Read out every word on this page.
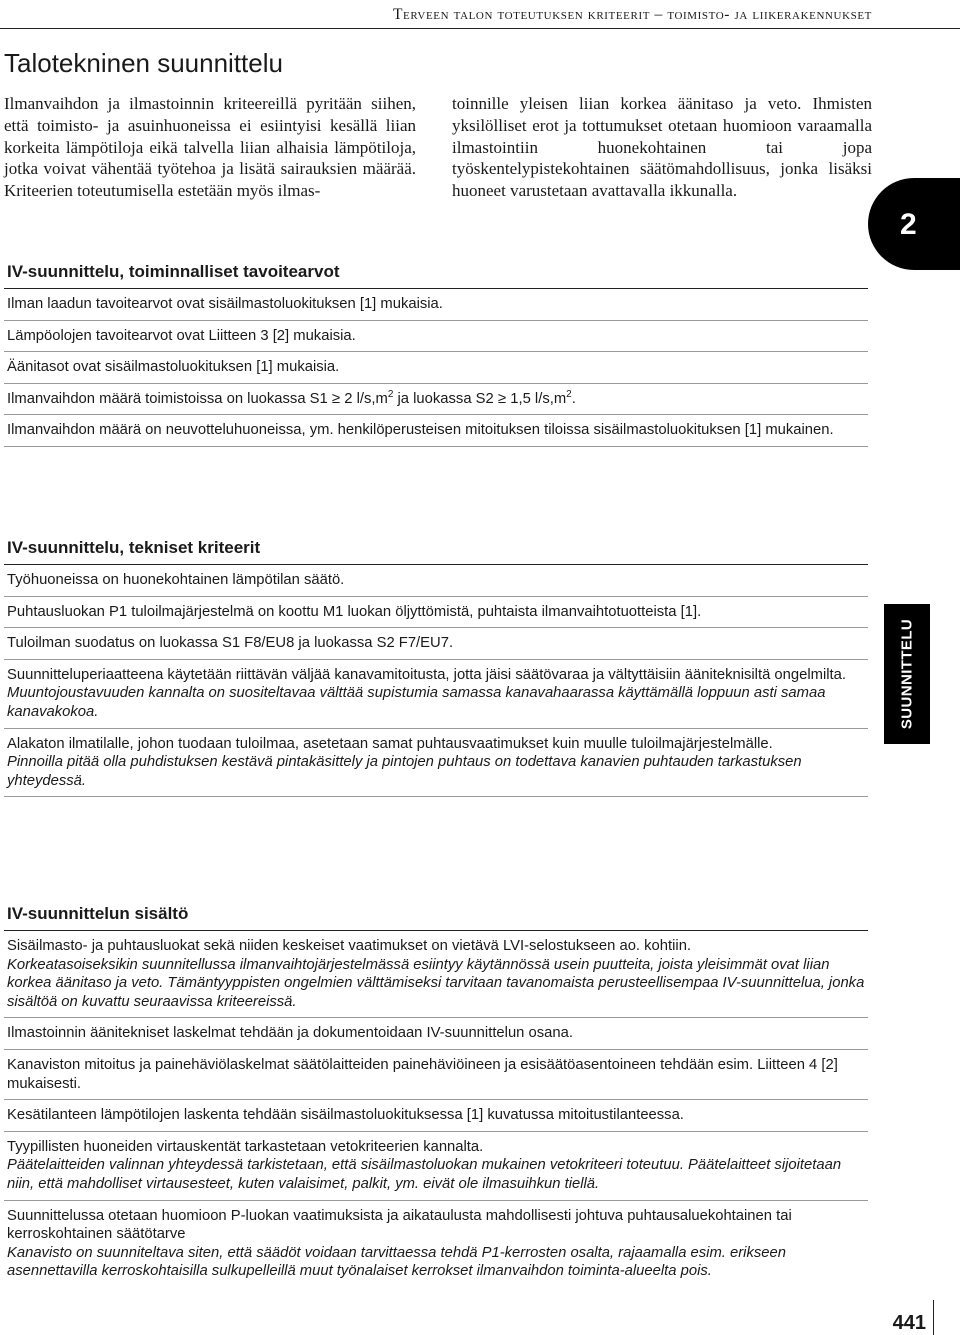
Terveen talon toteutuksen kriteerit – toimisto- ja liikerakennukset
Talotekninen suunnittelu

Ilmanvaihdon ja ilmastoinnin kriteereillä pyritään siihen, että toimisto- ja asuinhuoneissa ei esiintyisi kesällä liian korkeita lämpötiloja eikä talvella liian alhaisia lämpötiloja, jotka voivat vähentää työtehoa ja lisätä sairauksien määrää. Kriteerien toteutumisella estetään myös ilmas-

toinnille yleisen liian korkea äänitaso ja veto. Ihmisten yksilölliset erot ja tottumukset otetaan huomioon varaamalla ilmastointiin huonekohtainen tai jopa työskentelypistekohtainen säätömahdollisuus, jonka lisäksi huoneet varustetaan avattavalla ikkunalla.

2
SUUNNITTELU
IV-suunnittelu, toiminnalliset tavoitearvot
Ilman laadun tavoitearvot ovat sisäilmastoluokituksen [1] mukaisia.
Lämpöolojen tavoitearvot ovat Liitteen 3 [2] mukaisia.
Äänitasot ovat sisäilmastoluokituksen [1] mukaisia.
Ilmanvaihdon määrä toimistoissa on luokassa S1 ≥ 2 $l/s,m^2$ ja luokassa S2 ≥ 1,5 $l/s,m^2$.
Ilmanvaihdon määrä on neuvotteluhuoneissa, ym. henkilöperusteisen mitoituksen tiloissa sisäilmastoluokituksen [1] mukainen.
IV-suunnittelu, tekniset kriteerit
Työhuoneissa on huonekohtainen lämpötilan säätö.
Puhtausluokan P1 tuloilmajärjestelmä on koottu M1 luokan öljyttömistä, puhtaista ilmanvaihtotuotteista [1].
Tuloilman suodatus on luokassa S1 F8/EU8 ja luokassa S2 F7/EU7.
Suunnitteluperiaatteena käytetään riittävän väljää kanavamitoitusta, jotta jäisi säätövaraa ja vältyttäisiin ääniteknisiltä ongelmilta.
Muuntojoustavuuden kannalta on suositeltavaa välttää supistumia samassa kanavahaarassa käyttämällä loppuun asti samaa kanavakokoa.
Alakaton ilmatilalle, johon tuodaan tuloilmaa, asetetaan samat puhtausvaatimukset kuin muulle tuloilmajärjestelmälle.
Pinnoilla pitää olla puhdistuksen kestävä pintakäsittely ja pintojen puhtaus on todettava kanavien puhtauden tarkastuksen yhteydessä.
IV-suunnittelun sisältö
Sisäilmasto- ja puhtausluokat sekä niiden keskeiset vaatimukset on vietävä LVI-selostukseen ao. kohtiin.
Korkeatasoiseksikin suunnitellussa ilmanvaihtojärjestelmässä esiintyy käytännössä usein puutteita, joista yleisimmät ovat liian korkea äänitaso ja veto. Tämäntyyppisten ongelmien välttämiseksi tarvitaan tavanomaista perusteellisempaa IV-suunnittelua, jonka sisältöä on kuvattu seuraavissa kriteereissä.
Ilmastoinnin äänitekniset laskelmat tehdään ja dokumentoidaan IV-suunnittelun osana.
Kanaviston mitoitus ja painehäviölaskelmat säätölaitteiden painehäviöineen ja esisäätöasentoineen tehdään esim. Liitteen 4 [2] mukaisesti.
Kesätilanteen lämpötilojen laskenta tehdään sisäilmastoluokituksessa [1] kuvatussa mitoitustilanteessa.
Tyypillisten huoneiden virtauskentät tarkastetaan vetokriteerien kannalta.
Päätelaitteiden valinnan yhteydessä tarkistetaan, että sisäilmastoluokan mukainen vetokriteeri toteutuu. Päätelaitteet sijoitetaan niin, että mahdolliset virtausesteet, kuten valaisimet, palkit, ym. eivät ole ilmasuihkun tiellä.
Suunnittelussa otetaan huomioon P-luokan vaatimuksista ja aikataulusta mahdollisesti johtuva puhtausaluekohtainen tai kerroskohtainen säätötarve
Kanavisto on suunniteltava siten, että säädöt voidaan tarvittaessa tehdä P1-kerrosten osalta, rajaamalla esim. erikseen asennettavilla kerroskohtaisilla sulkupelleillä muut työnalaiset kerrokset ilmanvaihdon toiminta-alueelta pois.
441
